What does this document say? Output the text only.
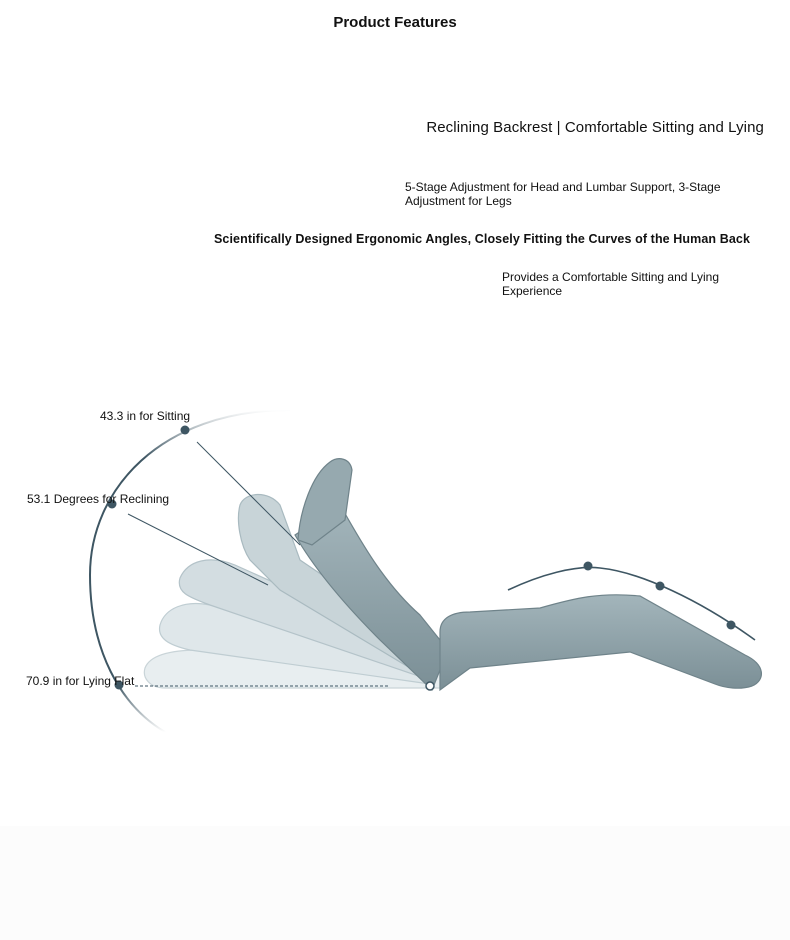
Product Features
Reclining Backrest | Comfortable Sitting and Lying
5-Stage Adjustment for Head and Lumbar Support, 3-Stage Adjustment for Legs
Scientifically Designed Ergonomic Angles, Closely Fitting the Curves of the Human Back
Provides a Comfortable Sitting and Lying Experience
43.3 in for Sitting
53.1 Degrees for Reclining
70.9 in for Lying Flat
